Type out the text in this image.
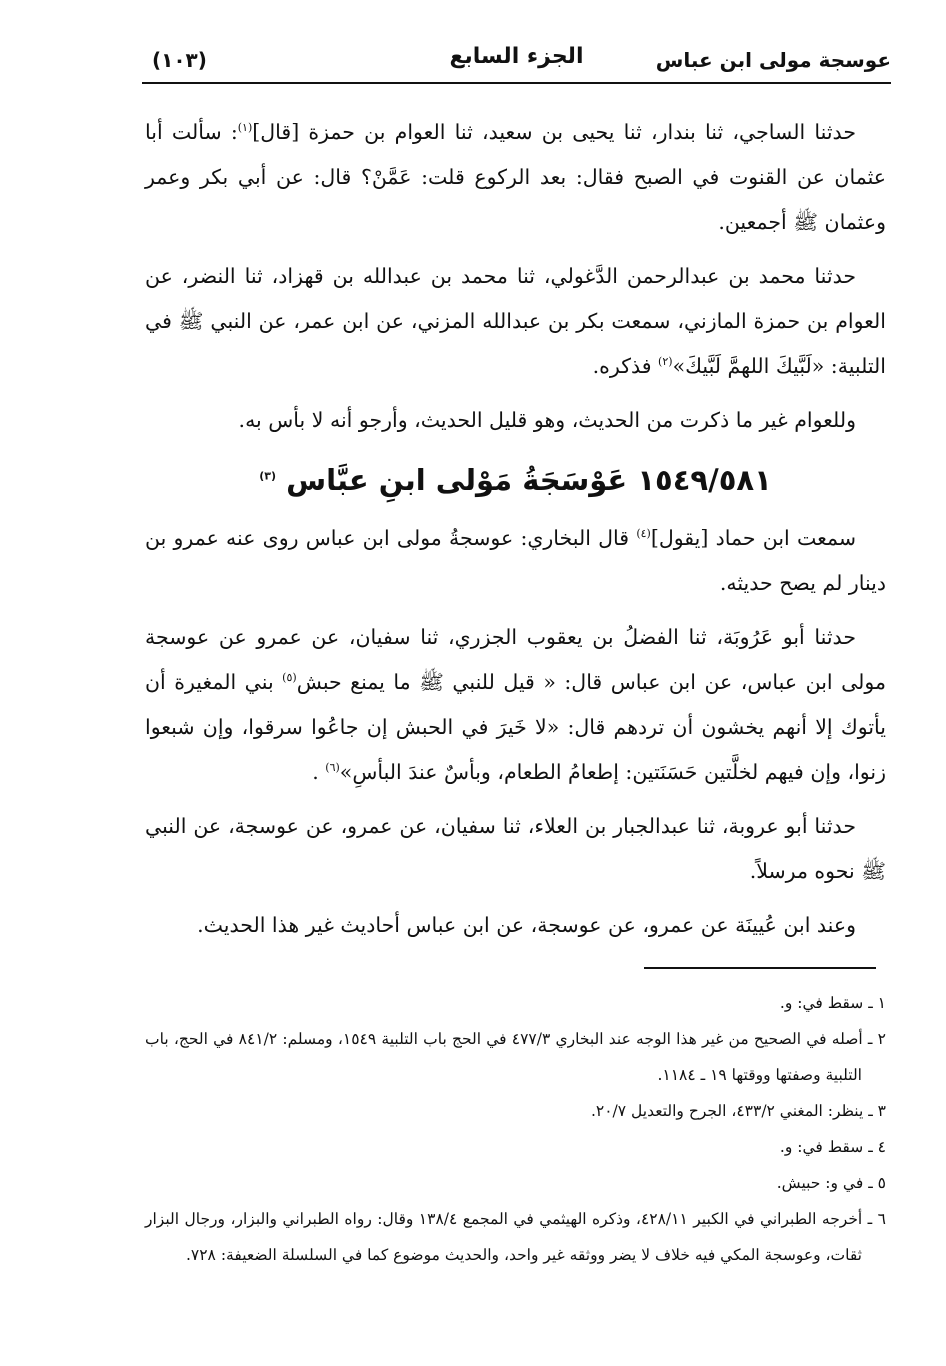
عوسجة مولى ابن عباس
الجزء السابع
(١٠٣)

حدثنا الساجي، ثنا بندار، ثنا يحيى بن سعيد، ثنا العوام بن حمزة [قال]$^{(١)}$: سألت أبا عثمان عن القنوت في الصبح فقال: بعد الركوع قلت: عَمَّنْ؟ قال: عن أبي بكر وعمر وعثمان ﷺ أجمعين.

حدثنا محمد بن عبدالرحمن الدَّغولي، ثنا محمد بن عبدالله بن قهزاد، ثنا النضر، عن العوام بن حمزة المازني، سمعت بكر بن عبدالله المزني، عن ابن عمر، عن النبي ﷺ في التلبية: «لَبَّيكَ اللهمَّ لَبَّيكَ»$^{(٢)}$ فذكره.

وللعوام غير ما ذكرت من الحديث، وهو قليل الحديث، وأرجو أنه لا بأس به.

١٥٤٩/٥٨١ عَوْسَجَةُ مَوْلى ابنِ عبَّاس $^{(٣)}$

سمعت ابن حماد [يقول]$^{(٤)}$ قال البخاري: عوسجةُ مولى ابن عباس روى عنه عمرو بن دينار لم يصح حديثه.

حدثنا أبو عَرُوبَة، ثنا الفضلُ بن يعقوب الجزري، ثنا سفيان، عن عمرو عن عوسجة مولى ابن عباس، عن ابن عباس قال: « قيل للنبي ﷺ ما يمنع حبش$^{(٥)}$ بني المغيرة أن يأتوك إلا أنهم يخشون أن تردهم قال: «لا خَيرَ في الحبش إن جاعُوا سرقوا، وإن شبعوا زنوا، وإن فيهم لخلَّتين حَسَنَتين: إطعامُ الطعام، وبأسٌ عندَ البأسِ»$^{(٦)}$ .

حدثنا أبو عروبة، ثنا عبدالجبار بن العلاء، ثنا سفيان، عن عمرو، عن عوسجة، عن النبي ﷺ نحوه مرسلاً.

وعند ابن عُيينَة عن عمرو، عن عوسجة، عن ابن عباس أحاديث غير هذا الحديث.

١ ـ سقط في: و.

٢ ـ أصله في الصحيح من غير هذا الوجه عند البخاري ٤٧٧/٣ في الحج باب التلبية ١٥٤٩، ومسلم: ٨٤١/٢ في الحج، باب التلبية وصفتها ووقتها ١٩ ـ ١١٨٤.

٣ ـ ينظر: المغني ٤٣٣/٢، الجرح والتعديل ٢٠/٧.

٤ ـ سقط في: و.

٥ ـ في و: حبيش.

٦ ـ أخرجه الطبراني في الكبير ٤٢٨/١١، وذكره الهيثمي في المجمع ١٣٨/٤ وقال: رواه الطبراني والبزار، ورجال البزار ثقات، وعوسجة المكي فيه خلاف لا يضر ووثقه غير واحد، والحديث موضوع كما في السلسلة الضعيفة: ٧٢٨.
